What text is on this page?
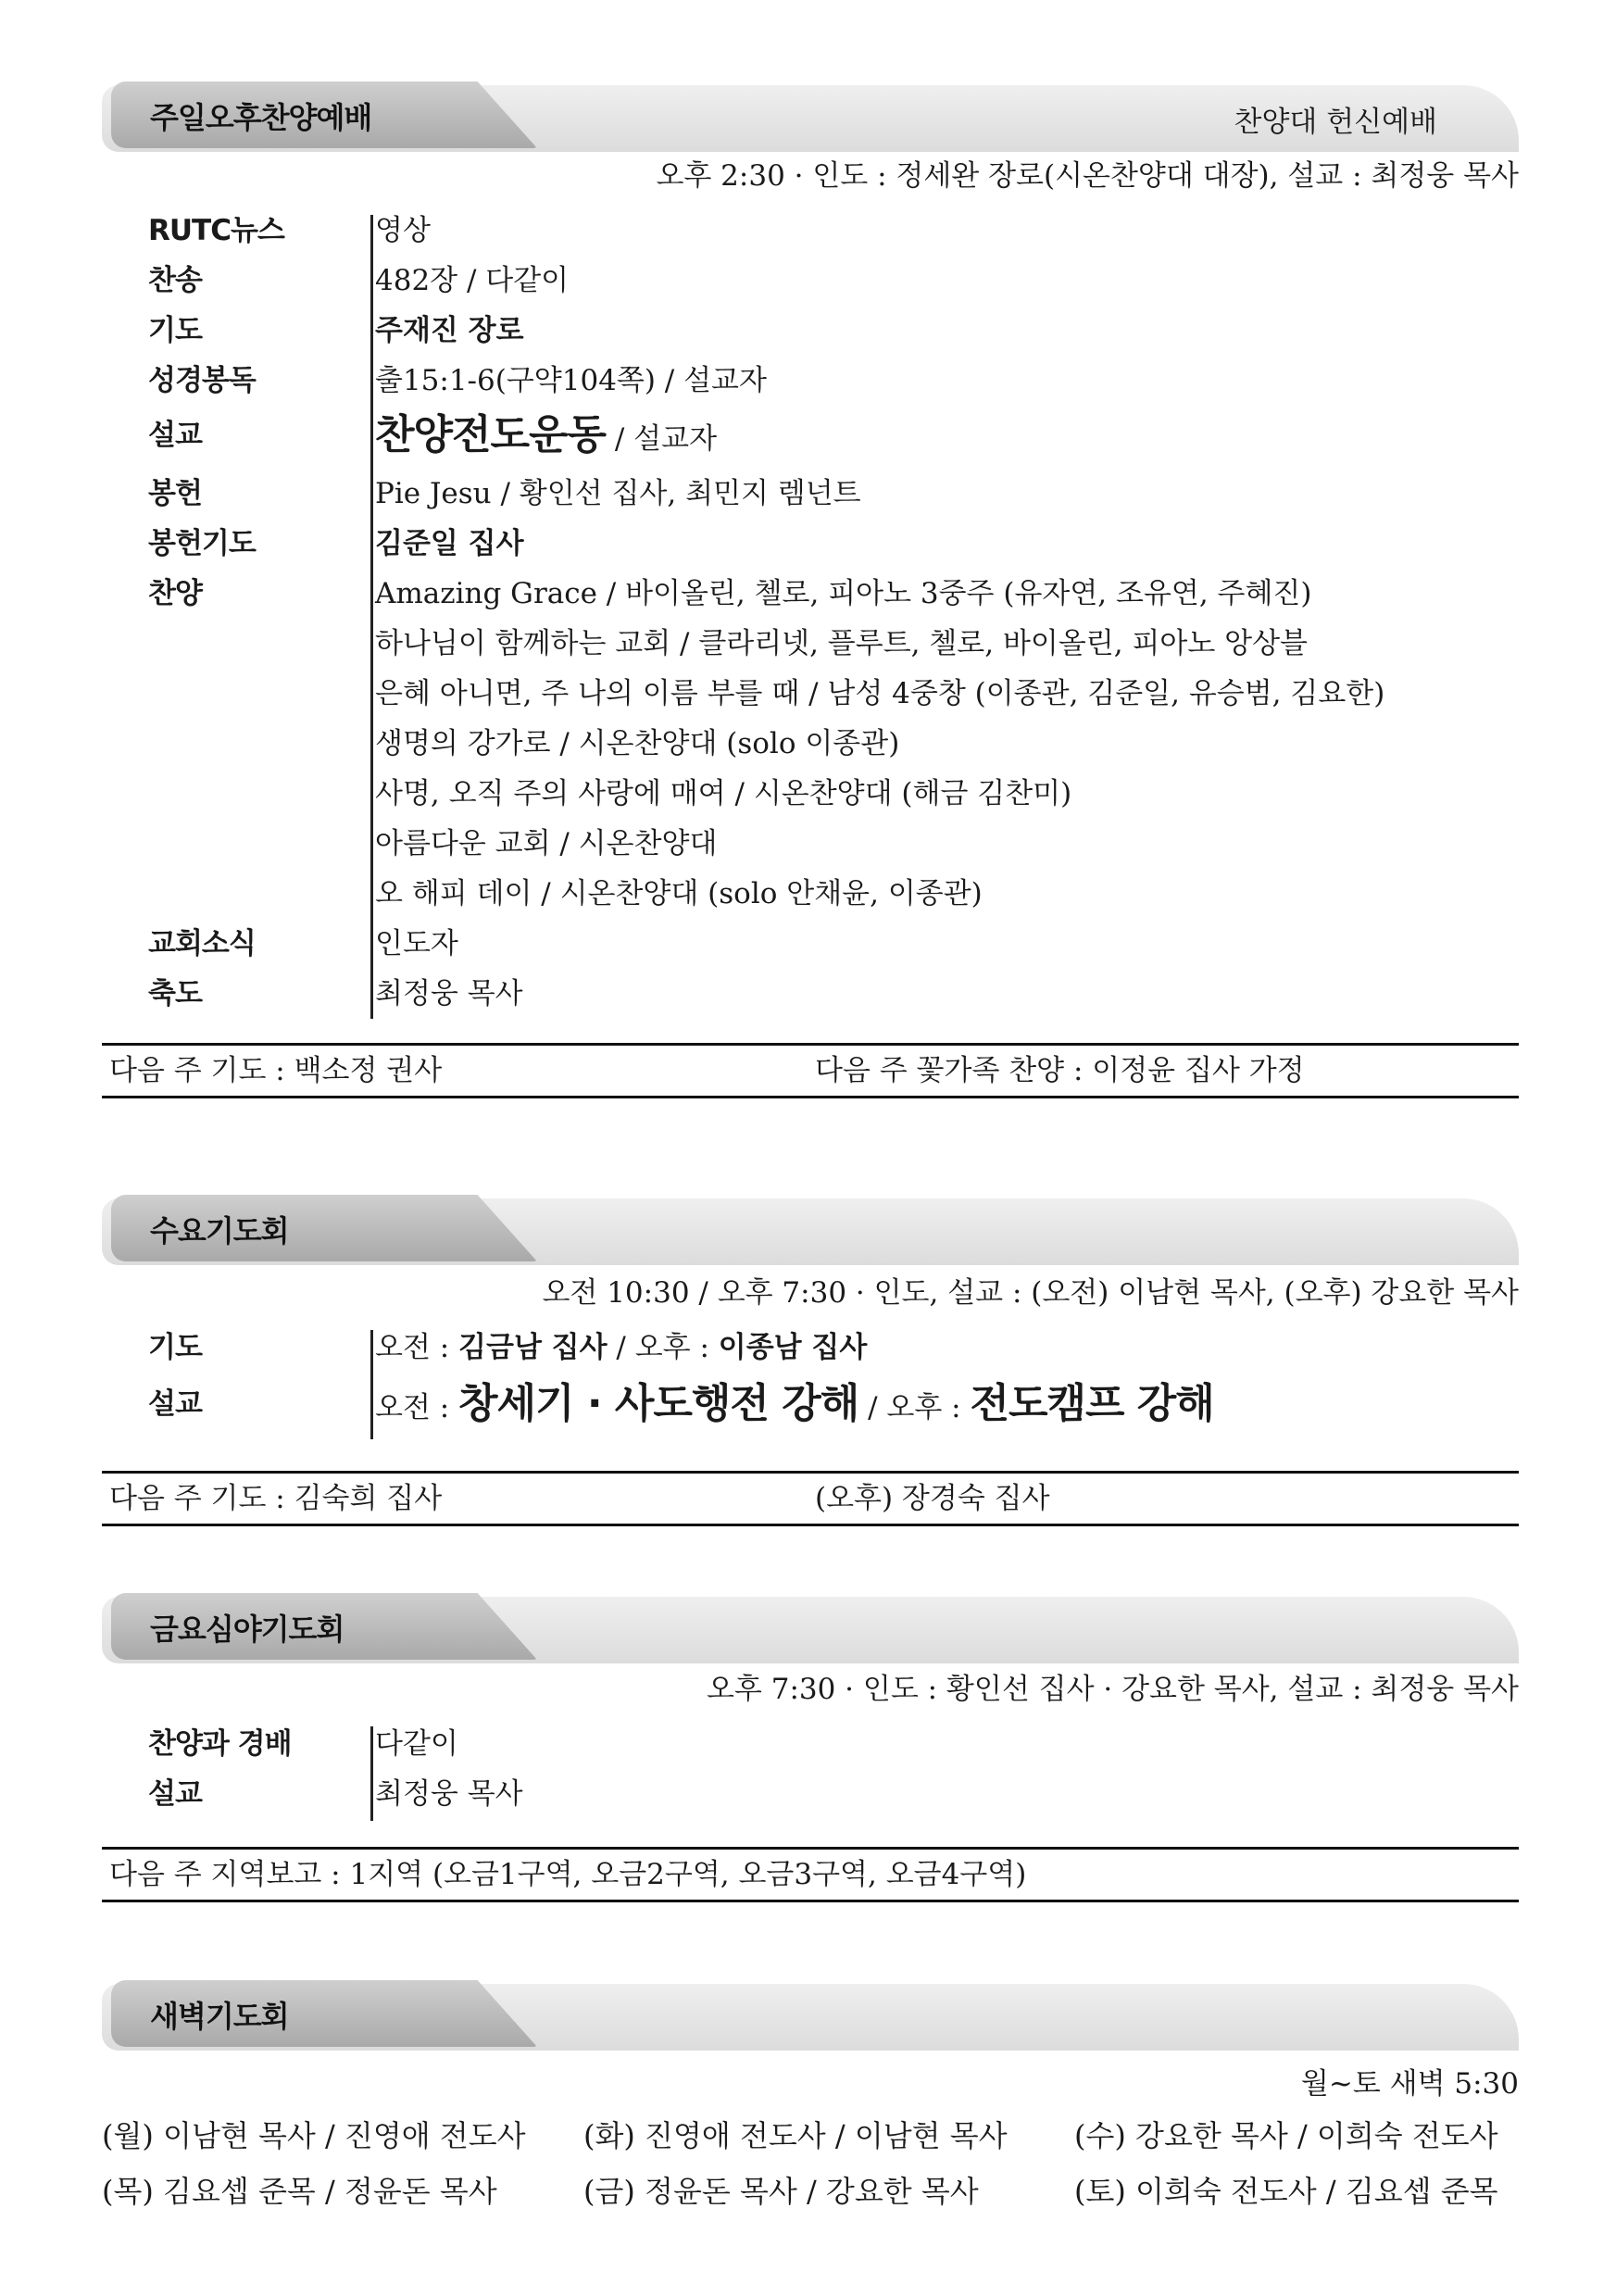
주일오후찬양예배	찬양대 헌신예배
오후 2:30 · 인도 : 정세완 장로(시온찬양대 대장), 설교 : 최정웅 목사
RUTC뉴스	영상
찬송	482장 / 다같이
기도	주재진 장로
성경봉독	출15:1-6(구약104쪽) / 설교자
설교	찬양전도운동 / 설교자
봉헌	Pie Jesu / 황인선 집사, 최민지 렘넌트
봉헌기도	김준일 집사
찬양	Amazing Grace / 바이올린, 첼로, 피아노 3중주 (유자연, 조유연, 주혜진)
하나님이 함께하는 교회 / 클라리넷, 플루트, 첼로, 바이올린, 피아노 앙상블
은혜 아니면, 주 나의 이름 부를 때 / 남성 4중창 (이종관, 김준일, 유승범, 김요한)
생명의 강가로 / 시온찬양대 (solo 이종관)
사명, 오직 주의 사랑에 매여 / 시온찬양대 (해금 김찬미)
아름다운 교회 / 시온찬양대
오 해피 데이 / 시온찬양대 (solo 안채윤, 이종관)
교회소식	인도자
축도	최정웅 목사
다음 주 기도 : 백소정 권사	다음 주 꽃가족 찬양 : 이정윤 집사 가정
수요기도회
오전 10:30 / 오후 7:30 · 인도, 설교 : (오전) 이남현 목사, (오후) 강요한 목사
기도	오전 : 김금남 집사 / 오후 : 이종남 집사
설교	오전 : 창세기 · 사도행전 강해 / 오후 : 전도캠프 강해
다음 주 기도 : 김숙희 집사	(오후) 장경숙 집사
금요심야기도회
오후 7:30 · 인도 : 황인선 집사 · 강요한 목사, 설교 : 최정웅 목사
찬양과 경배	다같이
설교	최정웅 목사
다음 주 지역보고 : 1지역 (오금1구역, 오금2구역, 오금3구역, 오금4구역)
새벽기도회
월~토 새벽 5:30
(월) 이남현 목사 / 진영애 전도사	(화) 진영애 전도사 / 이남현 목사	(수) 강요한 목사 / 이희숙 전도사
(목) 김요셉 준목 / 정윤돈 목사	(금) 정윤돈 목사 / 강요한 목사	(토) 이희숙 전도사 / 김요셉 준목
